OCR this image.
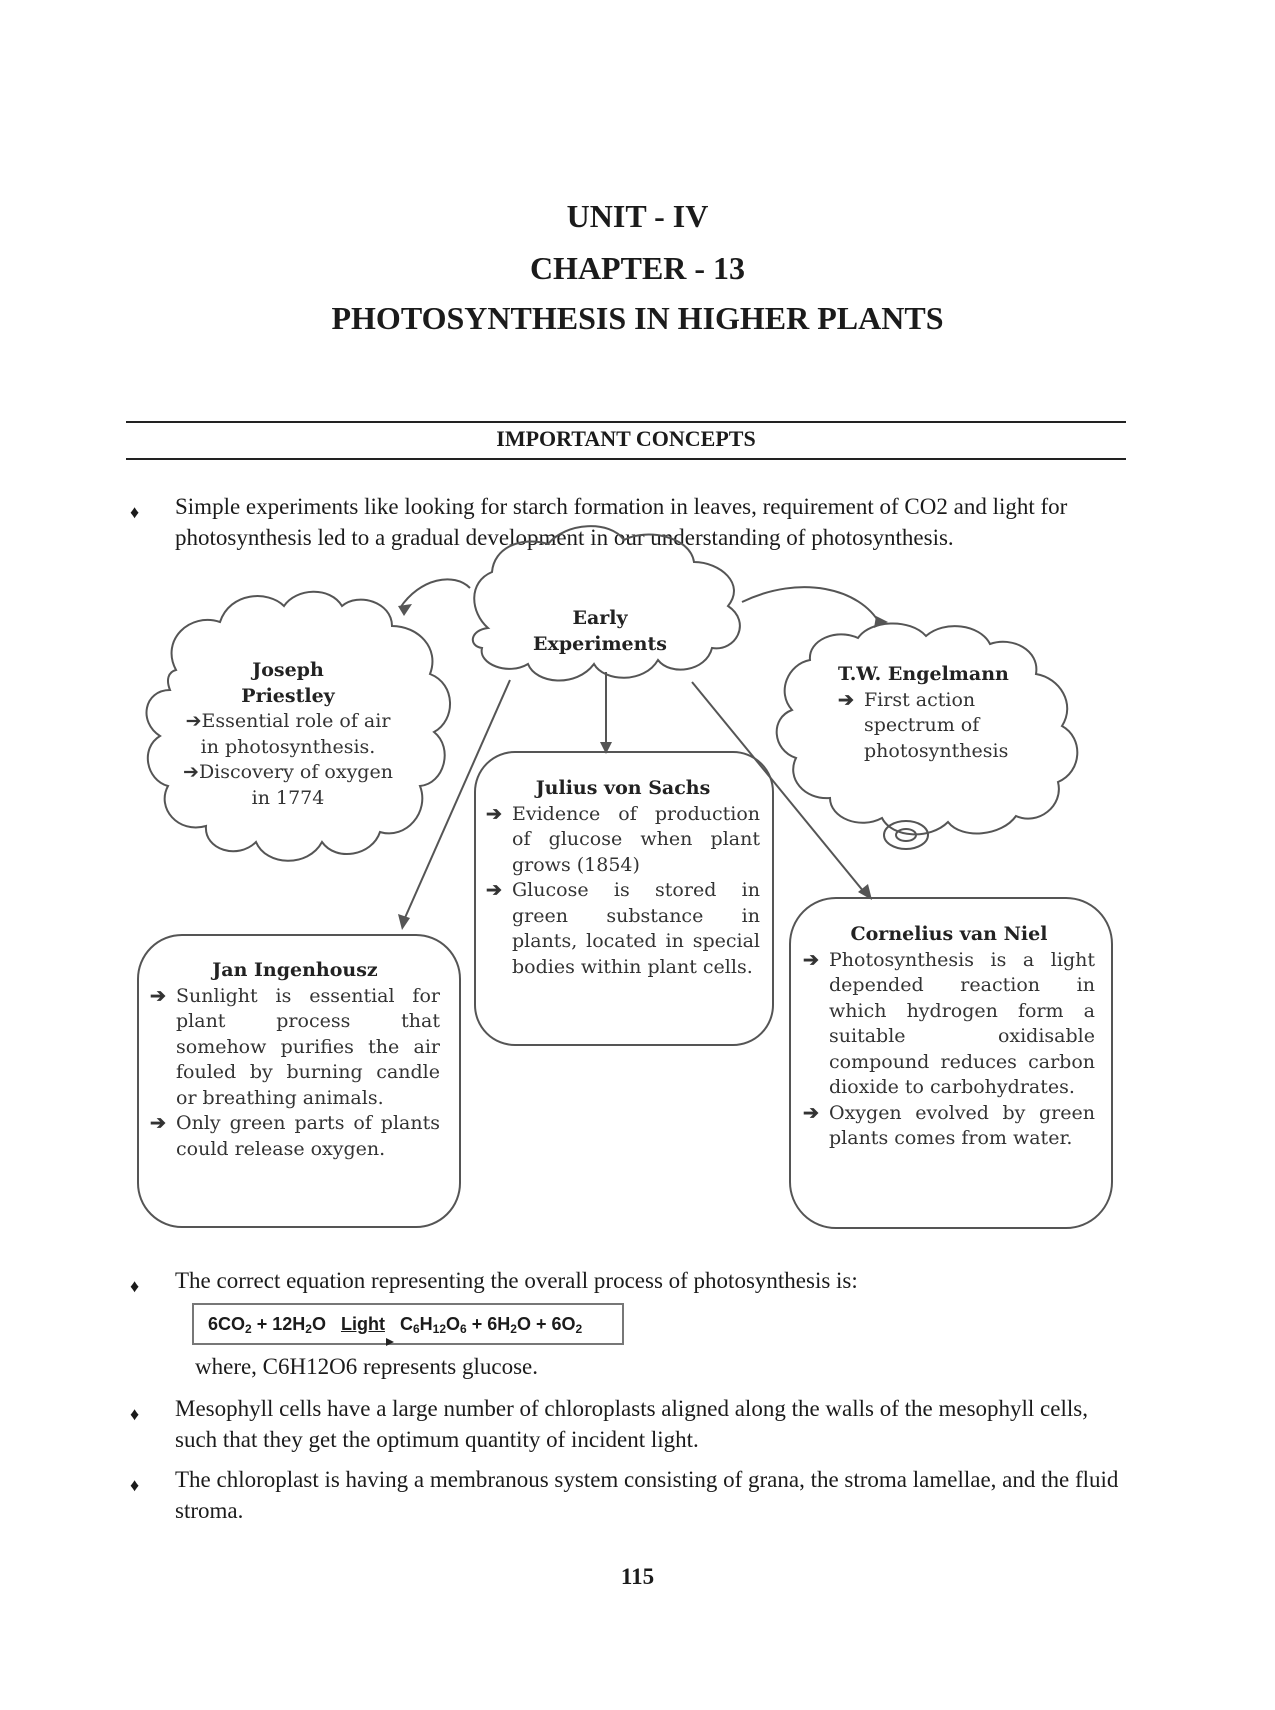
UNIT - IV
CHAPTER - 13
PHOTOSYNTHESIS IN HIGHER PLANTS
IMPORTANT CONCEPTS
♦ Simple experiments like looking for starch formation in leaves, requirement of CO2 and light for photosynthesis led to a gradual development in our understanding of photosynthesis.
Early
Experiments
Joseph
Priestley
➔Essential role of air in photosynthesis.
➔Discovery of oxygen in 1774
T.W. Engelmann
➔ First action spectrum of photosynthesis
Julius von Sachs
➔ Evidence of production of glucose when plant grows (1854)
➔ Glucose is stored in green substance in plants, located in special bodies within plant cells.
Jan Ingenhousz
➔ Sunlight is essential for plant process that somehow purifies the air fouled by burning candle or breathing animals.
➔ Only green parts of plants could release oxygen.
Cornelius van Niel
➔ Photosynthesis is a light depended reaction in which hydrogen form a suitable oxidisable compound reduces carbon dioxide to carbohydrates.
➔ Oxygen evolved by green plants comes from water.
♦ The correct equation representing the overall process of photosynthesis is:
$6CO_2 + 12H_2O$ Light $C_6H_{12}O_6 + 6H_2O + 6O_2$
where, C6H12O6 represents glucose.
♦ Mesophyll cells have a large number of chloroplasts aligned along the walls of the mesophyll cells, such that they get the optimum quantity of incident light.
♦ The chloroplast is having a membranous system consisting of grana, the stroma lamellae, and the fluid stroma.
115
